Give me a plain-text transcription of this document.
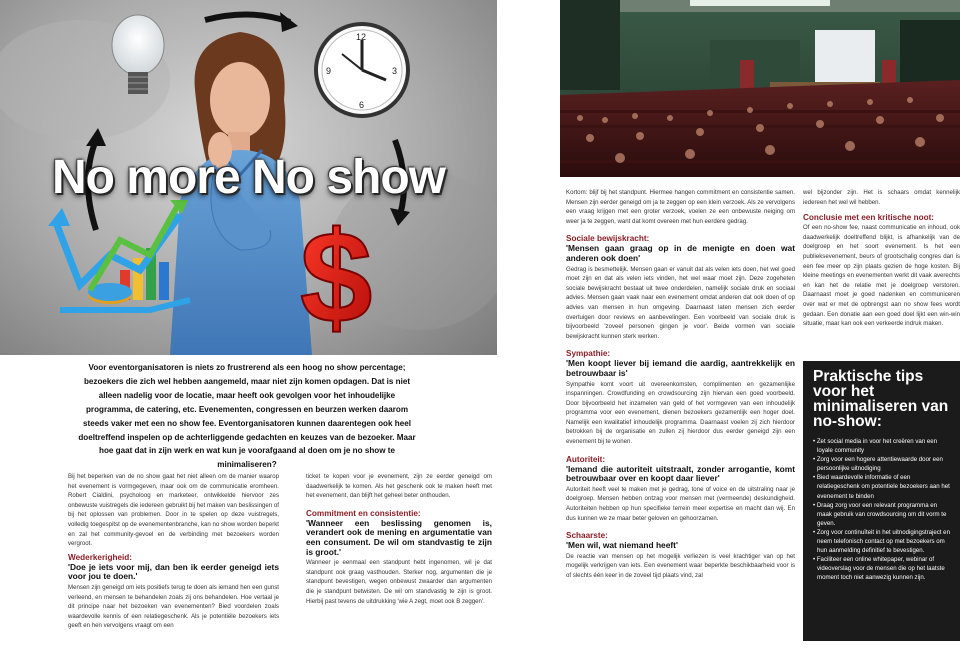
12
3
6
9
$
No more No show
Voor eventorganisatoren is niets zo frustrerend als een hoog no show percentage; bezoekers die zich wel hebben aangemeld, maar niet zijn komen opdagen. Dat is niet alleen nadelig voor de locatie, maar heeft ook gevolgen voor het inhoudelijke programma, de catering, etc. Evenementen, congressen en beurzen werken daarom steeds vaker met een no show fee. Eventorganisatoren kunnen daarentegen ook heel doeltreffend inspelen op de achterliggende gedachten en keuzes van de bezoeker. Maar hoe gaat dat in zijn werk en wat kun je voorafgaand al doen om je no show te minimaliseren?

Bij het beperken van de no show gaat het niet alleen om de manier waarop het evenement is vormgegeven, maar ook om de communicatie eromheen. Robert Cialdini, psycholoog en marketeer, ontwikkelde hiervoor zes onbewuste vuistregels die iedereen gebruikt bij het maken van beslissingen of bij het oplossen van problemen. Door in te spelen op deze vuistregels, volledig toegespitst op de evenementenbranche, kan no show worden beperkt en zal het community-gevoel en de verbinding met bezoekers worden vergroot.

Wederkerigheid:
'Doe je iets voor mij, dan ben ik eerder geneigd iets voor jou te doen.'

Mensen zijn geneigd om iets positiefs terug te doen als iemand hen een gunst verleend, en mensen te behandelen zoals zij ons behandelen. Hoe vertaal je dit principe naar het bezoeken van evenementen? Bied voordelen zoals waardevolle kennis of een relatiegeschenk. Als je potentiële bezoekers iets geeft en hen vervolgens vraagt om een

ticket te kopen voor je evenement, zijn ze eerder geneigd om daadwerkelijk te komen. Als het geschenk ook te maken heeft met het evenement, dan blijft het geheel beter onthouden.

Commitment en consistentie:
'Wanneer een beslissing genomen is, verandert ook de mening en argumentatie van een consument. De wil om standvastig te zijn is groot.'

Wanneer je eenmaal een standpunt hebt ingenomen, wil je dat standpunt ook graag vasthouden. Sterker nog, argumenten die je standpunt bevestigen, wegen onbewust zwaarder dan argumenten die je standpunt betwisten. De wil om standvastig te zijn is groot. Hierbij past tevens de uitdrukking 'wie A zegt, moet ook B zeggen'.

Kortom: blijf bij het standpunt. Hiermee hangen commitment en consistentie samen. Mensen zijn eerder geneigd om ja te zeggen op een klein verzoek. Als ze vervolgens een vraag krijgen met een groter verzoek, voelen ze een onbewuste neiging om weer ja te zeggen, want dat komt overeen met hun eerdere gedrag.

Sociale bewijskracht:
'Mensen gaan graag op in de menigte en doen wat anderen ook doen'

Gedrag is besmettelijk. Mensen gaan er vanuit dat als velen iets doen, het wel goed moet zijn en dat als velen iets vinden, het wel waar moet zijn. Deze zogeheten sociale bewijskracht bestaat uit twee onderdelen, namelijk sociale druk en sociaal advies. Mensen gaan vaak naar een evenement omdat anderen dat ook doen of op advies van mensen in hun omgeving. Daarnaast laten mensen zich eerder overtuigen door reviews en aanbevelingen. Een voorbeeld van sociale druk is bijvoorbeeld 'zoveel personen gingen je voor'. Beide vormen van sociale bewijskracht kunnen sterk werken.

Sympathie:
'Men koopt liever bij iemand die aardig, aantrekkelijk en betrouwbaar is'

Sympathie komt voort uit overeenkomsten, complimenten en gezamenlijke inspanningen. Crowdfunding en crowdsourcing zijn hiervan een goed voorbeeld. Door bijvoorbeeld het inzamelen van geld of het vormgeven van een inhoudelijk programma voor een evenement, dienen bezoekers gezamenlijk een hoger doel. Namelijk een kwalitatief inhoudelijk programma. Daarnaast voelen zij zich hierdoor betrokken bij de organisatie en zullen zij hierdoor dus eerder geneigd zijn een evenement bij te wonen.

Autoriteit:
'Iemand die autoriteit uitstraalt, zonder arrogantie, komt betrouwbaar over en koopt daar liever'

Autoriteit heeft veel te maken met je gedrag, tone of voice en de uitstraling naar je doelgroep. Mensen hebben ontzag voor mensen met (vermeende) deskundigheid. Autoriteiten hebben op hun specifieke terrein meer expertise en macht dan wij. En dus kunnen we ze maar beter geloven en gehoorzamen.

Schaarste:
'Men wil, wat niemand heeft'

De reactie van mensen op het mogelijk verliezen is veel krachtiger van op het mogelijk verkrijgen van iets. Een evenement waar beperkte beschikbaarheid voor is of slechts één keer in de zoveel tijd plaats vind, zal

wel bijzonder zijn. Het is schaars omdat kennelijk iedereen het wel wil hebben.

Conclusie met een kritische noot:

Of een no-show fee, naast communicatie en inhoud, ook daadwerkelijk doeltreffend blijkt, is afhankelijk van de doelgroep en het soort evenement. Is het een publieksevenement, beurs of grootschalig congres dan is een fee meer op zijn plaats gezien de hoge kosten. Bij kleine meetings en evenementen werkt dit vaak averechts en kan het de relatie met je doelgroep verstoren. Daarnaast moet je goed nadenken en communiceren over wat er met de opbrengst aan no show fees wordt gedaan. Een donatie aan een goed doel lijkt een win-win situatie, maar kan ook een verkeerde indruk maken.

Praktische tips voor het minimaliseren van no-show:
• Zet social media in voor het creëren van een loyale community
• Zorg voor een hogere attentiewaarde door een persoonlijke uitnodiging
• Bied waardevolle informatie of een relatiegeschenk om potentiele bezoekers aan het evenement te binden
• Draag zorg voor een relevant programma en maak gebruik van crowdsourcing om dit vorm te geven.
• Zorg voor continuïteit in het uitnodigingstraject en neem telefonisch contact op met bezoekers om hun aanmelding definitief te bevestigen.
• Faciliteer een online whitepaper, webinar of videoverslag voor de mensen die op het laatste moment toch niet aanwezig kunnen zijn.
